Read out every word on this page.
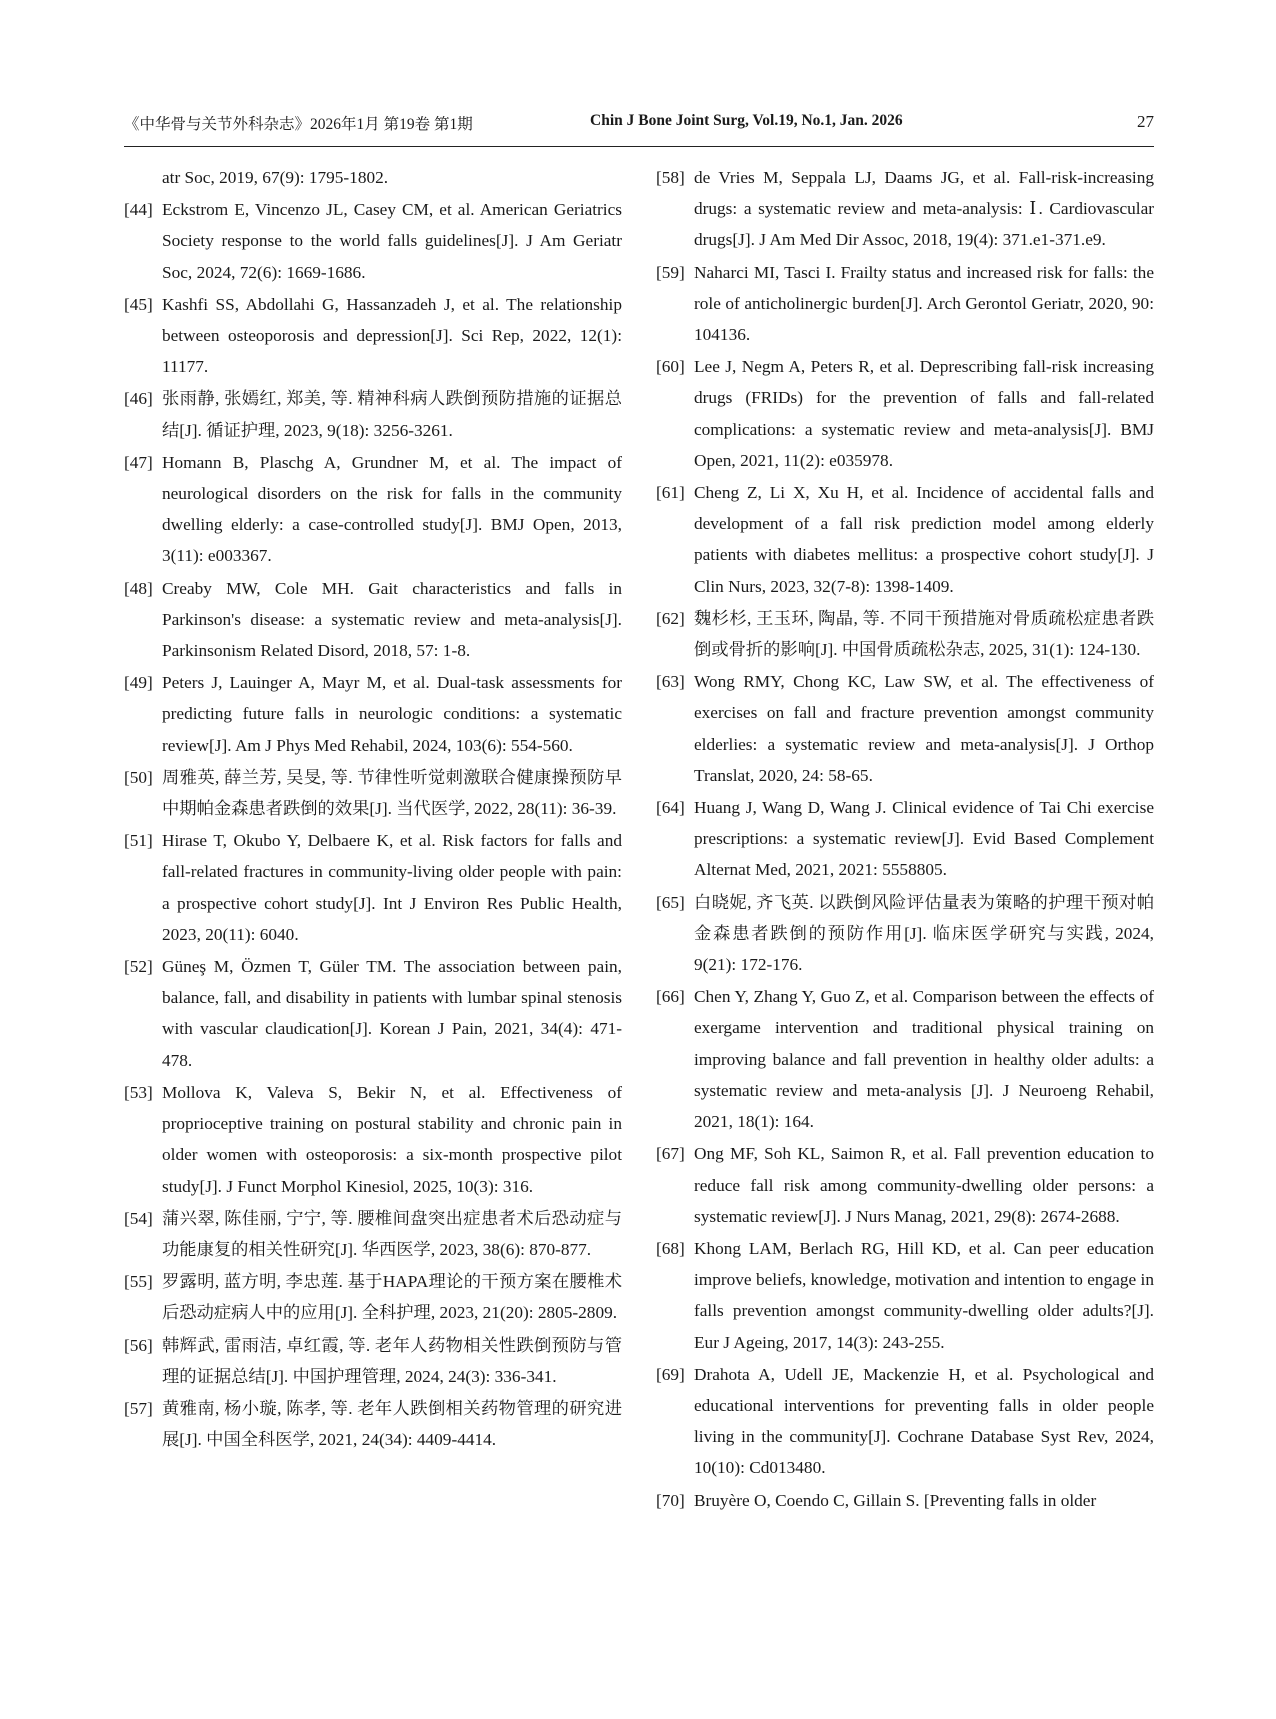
《中华骨与关节外科杂志》2026年1月 第19卷 第1期	Chin J Bone Joint Surg, Vol.19, No.1, Jan. 2026	27
atr Soc, 2019, 67(9): 1795-1802.
[44] Eckstrom E, Vincenzo JL, Casey CM, et al. American Geriatrics Society response to the world falls guidelines[J]. J Am Geriatr Soc, 2024, 72(6): 1669-1686.
[45] Kashfi SS, Abdollahi G, Hassanzadeh J, et al. The relationship between osteoporosis and depression[J]. Sci Rep, 2022, 12(1): 11177.
[46] 张雨静, 张嫣红, 郑美, 等. 精神科病人跌倒预防措施的证据总结[J]. 循证护理, 2023, 9(18): 3256-3261.
[47] Homann B, Plaschg A, Grundner M, et al. The impact of neurological disorders on the risk for falls in the community dwelling elderly: a case-controlled study[J]. BMJ Open, 2013, 3(11): e003367.
[48] Creaby MW, Cole MH. Gait characteristics and falls in Parkinson's disease: a systematic review and meta-analysis[J]. Parkinsonism Related Disord, 2018, 57: 1-8.
[49] Peters J, Lauinger A, Mayr M, et al. Dual-task assessments for predicting future falls in neurologic conditions: a systematic review[J]. Am J Phys Med Rehabil, 2024, 103(6): 554-560.
[50] 周雅英, 薛兰芳, 吴旻, 等. 节律性听觉刺激联合健康操预防早中期帕金森患者跌倒的效果[J]. 当代医学, 2022, 28(11): 36-39.
[51] Hirase T, Okubo Y, Delbaere K, et al. Risk factors for falls and fall-related fractures in community-living older people with pain: a prospective cohort study[J]. Int J Environ Res Public Health, 2023, 20(11): 6040.
[52] Güneş M, Özmen T, Güler TM. The association between pain, balance, fall, and disability in patients with lumbar spinal stenosis with vascular claudication[J]. Korean J Pain, 2021, 34(4): 471-478.
[53] Mollova K, Valeva S, Bekir N, et al. Effectiveness of proprioceptive training on postural stability and chronic pain in older women with osteoporosis: a six-month prospective pilot study[J]. J Funct Morphol Kinesiol, 2025, 10(3): 316.
[54] 蒲兴翠, 陈佳丽, 宁宁, 等. 腰椎间盘突出症患者术后恐动症与功能康复的相关性研究[J]. 华西医学, 2023, 38(6): 870-877.
[55] 罗露明, 蓝方明, 李忠莲. 基于HAPA理论的干预方案在腰椎术后恐动症病人中的应用[J]. 全科护理, 2023, 21(20): 2805-2809.
[56] 韩辉武, 雷雨洁, 卓红霞, 等. 老年人药物相关性跌倒预防与管理的证据总结[J]. 中国护理管理, 2024, 24(3): 336-341.
[57] 黄雅南, 杨小璇, 陈孝, 等. 老年人跌倒相关药物管理的研究进展[J]. 中国全科医学, 2021, 24(34): 4409-4414.
[58] de Vries M, Seppala LJ, Daams JG, et al. Fall-risk-increasing drugs: a systematic review and meta-analysis: Ⅰ. Cardiovascular drugs[J]. J Am Med Dir Assoc, 2018, 19(4): 371.e1-371.e9.
[59] Naharci MI, Tasci I. Frailty status and increased risk for falls: the role of anticholinergic burden[J]. Arch Gerontol Geriatr, 2020, 90: 104136.
[60] Lee J, Negm A, Peters R, et al. Deprescribing fall-risk increasing drugs (FRIDs) for the prevention of falls and fall-related complications: a systematic review and meta-analysis[J]. BMJ Open, 2021, 11(2): e035978.
[61] Cheng Z, Li X, Xu H, et al. Incidence of accidental falls and development of a fall risk prediction model among elderly patients with diabetes mellitus: a prospective cohort study[J]. J Clin Nurs, 2023, 32(7-8): 1398-1409.
[62] 魏杉杉, 王玉环, 陶晶, 等. 不同干预措施对骨质疏松症患者跌倒或骨折的影响[J]. 中国骨质疏松杂志, 2025, 31(1): 124-130.
[63] Wong RMY, Chong KC, Law SW, et al. The effectiveness of exercises on fall and fracture prevention amongst community elderlies: a systematic review and meta-analysis[J]. J Orthop Translat, 2020, 24: 58-65.
[64] Huang J, Wang D, Wang J. Clinical evidence of Tai Chi exercise prescriptions: a systematic review[J]. Evid Based Complement Alternat Med, 2021, 2021: 5558805.
[65] 白晓妮, 齐飞英. 以跌倒风险评估量表为策略的护理干预对帕金森患者跌倒的预防作用[J]. 临床医学研究与实践, 2024, 9(21): 172-176.
[66] Chen Y, Zhang Y, Guo Z, et al. Comparison between the effects of exergame intervention and traditional physical training on improving balance and fall prevention in healthy older adults: a systematic review and meta-analysis [J]. J Neuroeng Rehabil, 2021, 18(1): 164.
[67] Ong MF, Soh KL, Saimon R, et al. Fall prevention education to reduce fall risk among community-dwelling older persons: a systematic review[J]. J Nurs Manag, 2021, 29(8): 2674-2688.
[68] Khong LAM, Berlach RG, Hill KD, et al. Can peer education improve beliefs, knowledge, motivation and intention to engage in falls prevention amongst community-dwelling older adults?[J]. Eur J Ageing, 2017, 14(3): 243-255.
[69] Drahota A, Udell JE, Mackenzie H, et al. Psychological and educational interventions for preventing falls in older people living in the community[J]. Cochrane Database Syst Rev, 2024, 10(10): Cd013480.
[70] Bruyère O, Coendo C, Gillain S. [Preventing falls in older
